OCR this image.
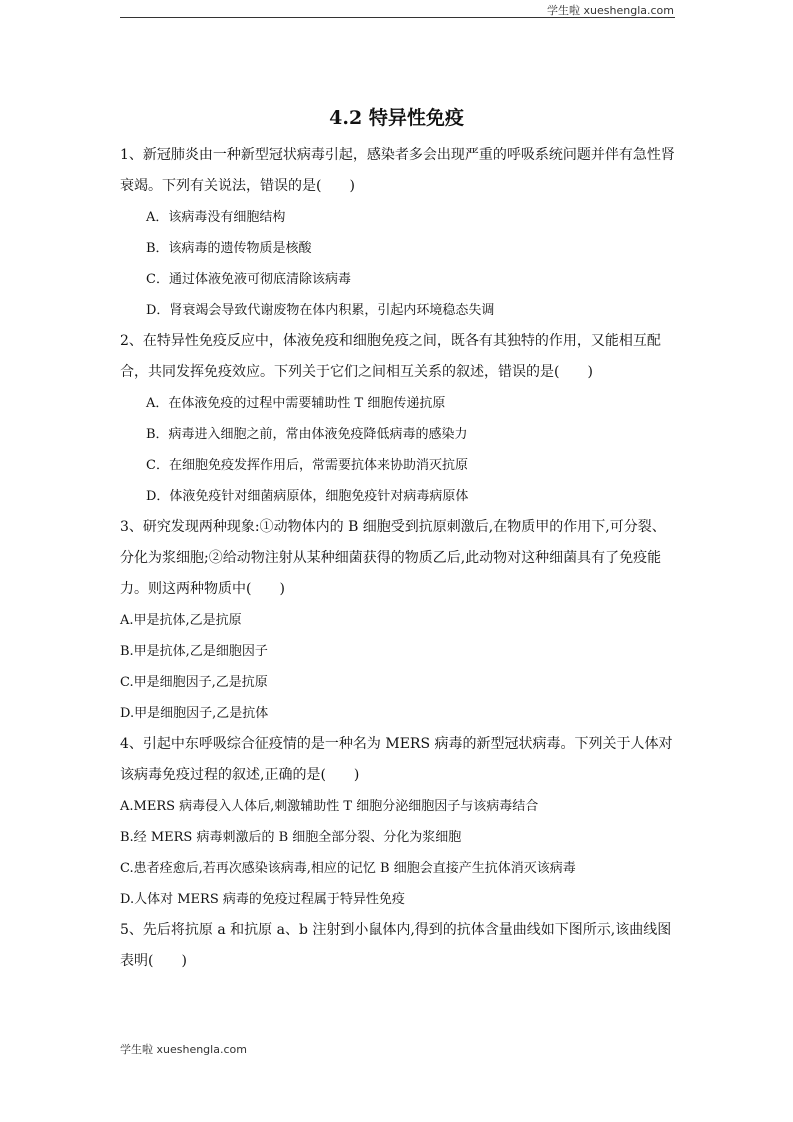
学生啦 xueshengla.com
4.2 特异性免疫

1、新冠肺炎由一种新型冠状病毒引起，感染者多会出现严重的呼吸系统问题并伴有急性肾衰竭。下列有关说法，错误的是(　　)

A．该病毒没有细胞结构

B．该病毒的遗传物质是核酸

C．通过体液免液可彻底清除该病毒

D．肾衰竭会导致代谢废物在体内积累，引起内环境稳态失调

2、在特异性免疫反应中，体液免疫和细胞免疫之间，既各有其独特的作用，又能相互配合，共同发挥免疫效应。下列关于它们之间相互关系的叙述，错误的是(　　)

A．在体液免疫的过程中需要辅助性 T 细胞传递抗原

B．病毒进入细胞之前，常由体液免疫降低病毒的感染力

C．在细胞免疫发挥作用后，常需要抗体来协助消灭抗原

D．体液免疫针对细菌病原体，细胞免疫针对病毒病原体

3、研究发现两种现象:①动物体内的 B 细胞受到抗原刺激后,在物质甲的作用下,可分裂、分化为浆细胞;②给动物注射从某种细菌获得的物质乙后,此动物对这种细菌具有了免疫能力。则这两种物质中(　　)

A.甲是抗体,乙是抗原

B.甲是抗体,乙是细胞因子

C.甲是细胞因子,乙是抗原

D.甲是细胞因子,乙是抗体

4、引起中东呼吸综合征疫情的是一种名为 MERS 病毒的新型冠状病毒。下列关于人体对该病毒免疫过程的叙述,正确的是(　　)

A.MERS 病毒侵入人体后,刺激辅助性 T 细胞分泌细胞因子与该病毒结合

B.经 MERS 病毒刺激后的 B 细胞全部分裂、分化为浆细胞

C.患者痊愈后,若再次感染该病毒,相应的记忆 B 细胞会直接产生抗体消灭该病毒

D.人体对 MERS 病毒的免疫过程属于特异性免疫

5、先后将抗原 a 和抗原 a、b 注射到小鼠体内,得到的抗体含量曲线如下图所示,该曲线图表明(　　)

学生啦 xueshengla.com
